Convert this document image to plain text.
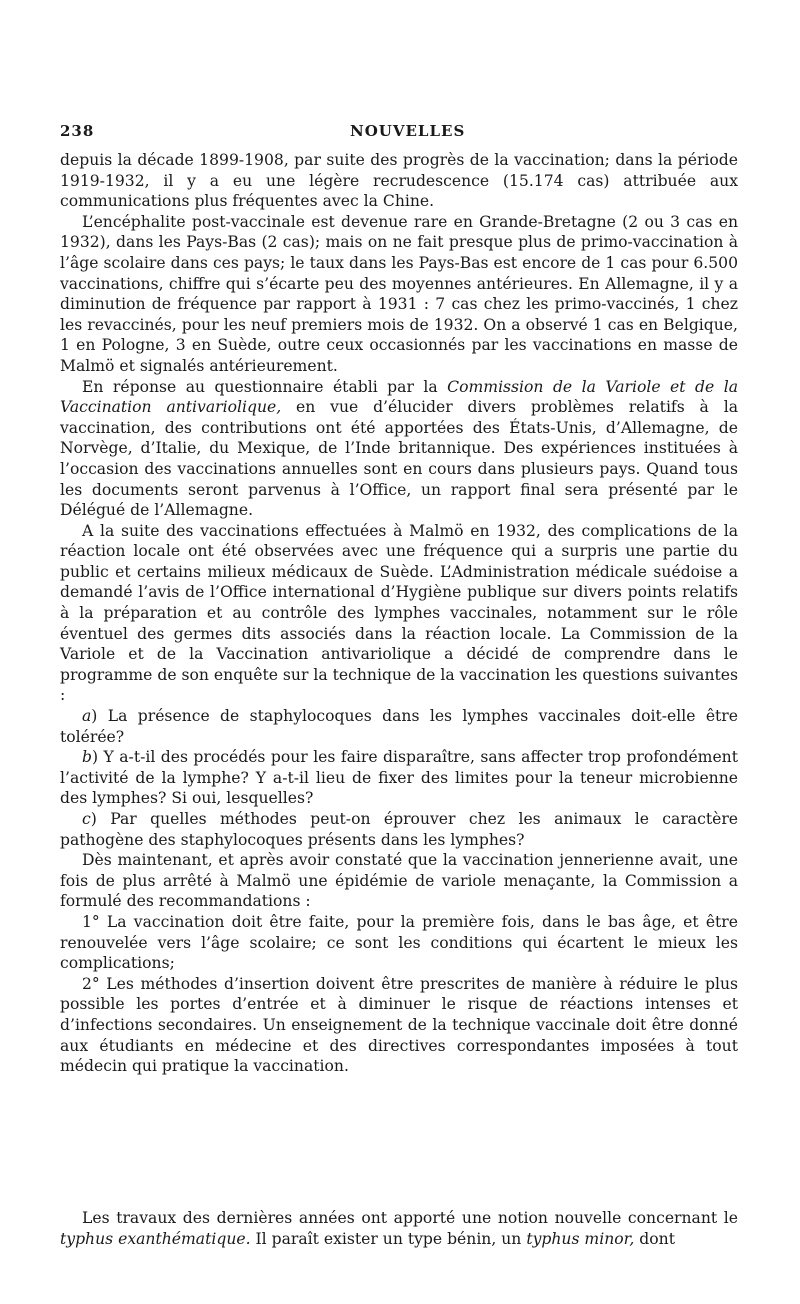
238	NOUVELLES

depuis la décade 1899-1908, par suite des progrès de la vaccination; dans la période 1919-1932, il y a eu une légère recrudescence (15.174 cas) attribuée aux communications plus fréquentes avec la Chine.

L’encéphalite post-vaccinale est devenue rare en Grande-Bretagne (2 ou 3 cas en 1932), dans les Pays-Bas (2 cas); mais on ne fait presque plus de primo-vaccination à l’âge scolaire dans ces pays; le taux dans les Pays-Bas est encore de 1 cas pour 6.500 vaccinations, chiffre qui s’écarte peu des moyennes antérieures. En Allemagne, il y a diminution de fréquence par rapport à 1931 : 7 cas chez les primo-vaccinés, 1 chez les revaccinés, pour les neuf premiers mois de 1932. On a observé 1 cas en Belgique, 1 en Pologne, 3 en Suède, outre ceux occasionnés par les vaccinations en masse de Malmö et signalés antérieurement.

En réponse au questionnaire établi par la Commission de la Variole et de la Vaccination antivariolique, en vue d’élucider divers problèmes relatifs à la vaccination, des contributions ont été apportées des États-Unis, d’Allemagne, de Norvège, d’Italie, du Mexique, de l’Inde britannique. Des expériences instituées à l’occasion des vaccinations annuelles sont en cours dans plusieurs pays. Quand tous les documents seront parvenus à l’Office, un rapport final sera présenté par le Délégué de l’Allemagne.

A la suite des vaccinations effectuées à Malmö en 1932, des complications de la réaction locale ont été observées avec une fréquence qui a surpris une partie du public et certains milieux médicaux de Suède. L’Administration médicale suédoise a demandé l’avis de l’Office international d’Hygiène publique sur divers points relatifs à la préparation et au contrôle des lymphes vaccinales, notamment sur le rôle éventuel des germes dits associés dans la réaction locale. La Commission de la Variole et de la Vaccination antivariolique a décidé de comprendre dans le programme de son enquête sur la technique de la vaccination les questions suivantes :

a) La présence de staphylocoques dans les lymphes vaccinales doit-elle être tolérée?

b) Y a-t-il des procédés pour les faire disparaître, sans affecter trop profondément l’activité de la lymphe? Y a-t-il lieu de fixer des limites pour la teneur microbienne des lymphes? Si oui, lesquelles?

c) Par quelles méthodes peut-on éprouver chez les animaux le caractère pathogène des staphylocoques présents dans les lymphes?

Dès maintenant, et après avoir constaté que la vaccination jennerienne avait, une fois de plus arrêté à Malmö une épidémie de variole menaçante, la Commission a formulé des recommandations :

1° La vaccination doit être faite, pour la première fois, dans le bas âge, et être renouvelée vers l’âge scolaire; ce sont les conditions qui écartent le mieux les complications;

2° Les méthodes d’insertion doivent être prescrites de manière à réduire le plus possible les portes d’entrée et à diminuer le risque de réactions intenses et d’infections secondaires. Un enseignement de la technique vaccinale doit être donné aux étudiants en médecine et des directives correspondantes imposées à tout médecin qui pratique la vaccination.

Les travaux des dernières années ont apporté une notion nouvelle concernant le typhus exanthématique. Il paraît exister un type bénin, un typhus minor, dont
